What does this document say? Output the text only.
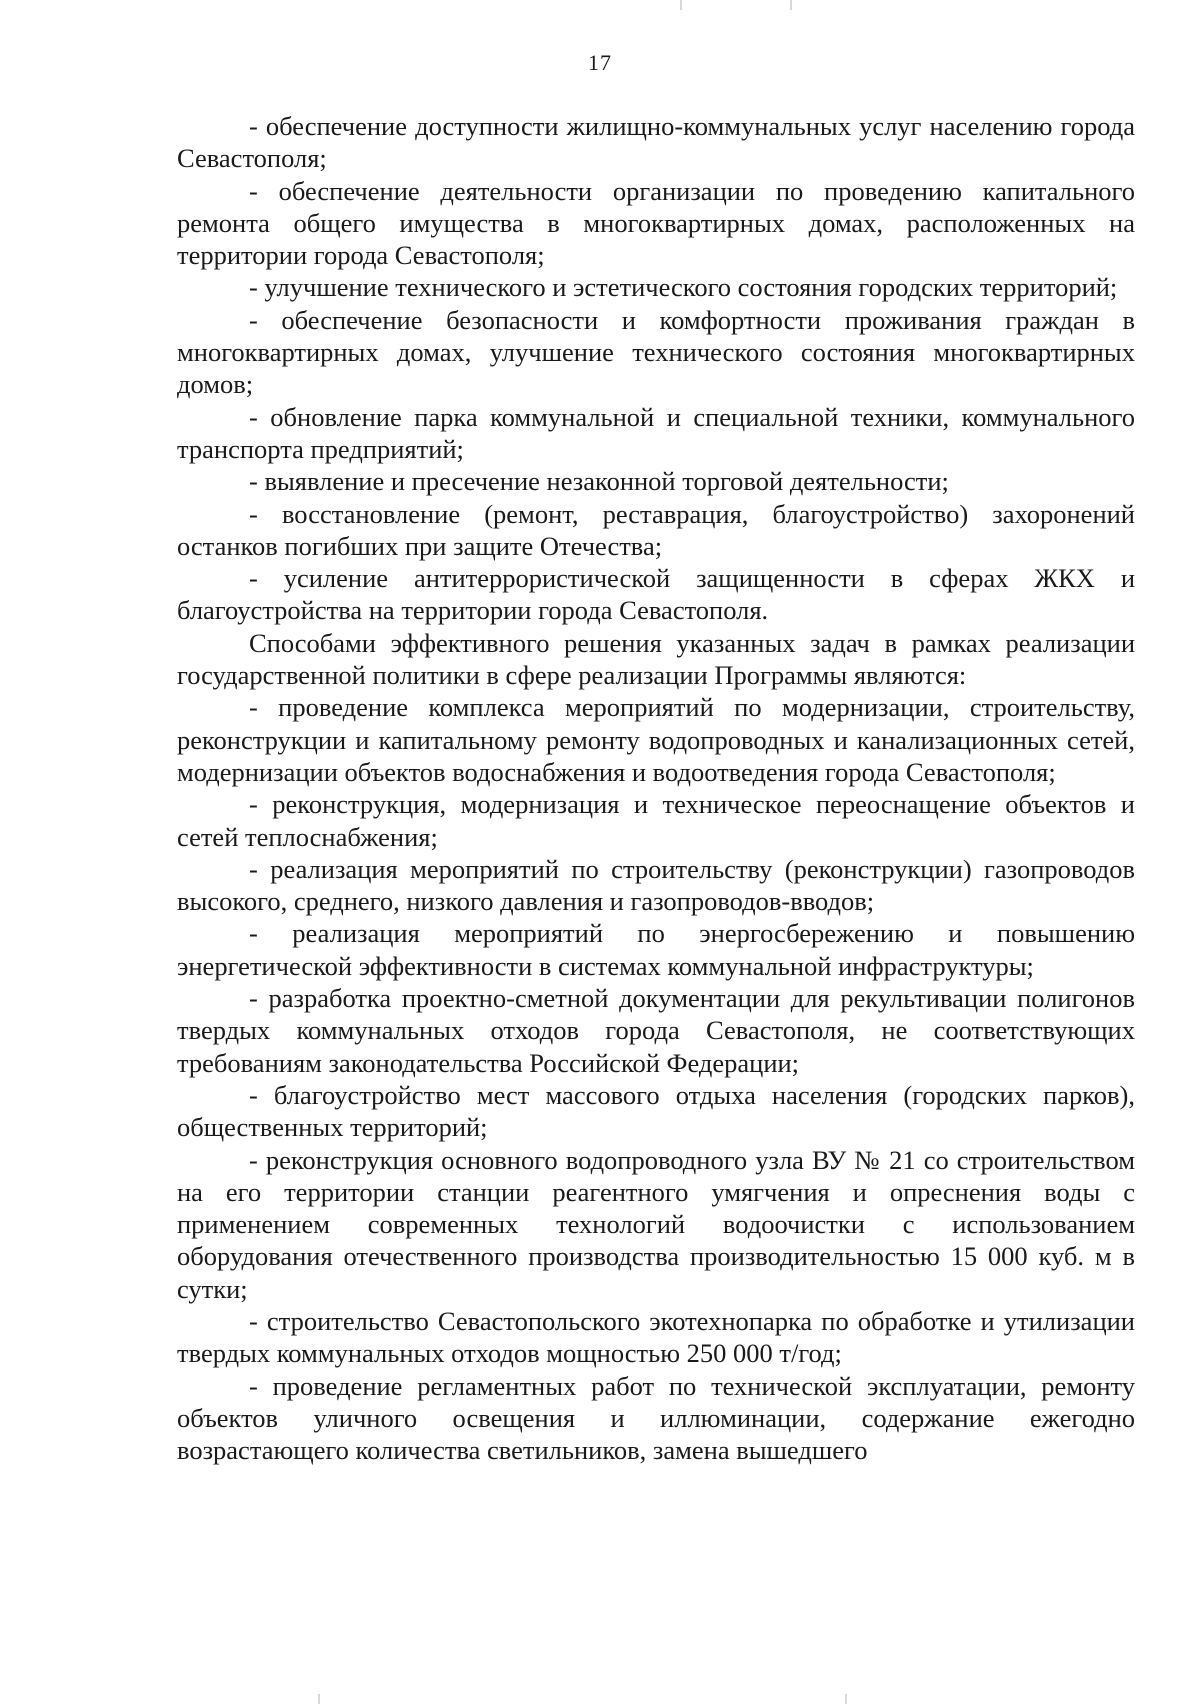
17

- обеспечение доступности жилищно-коммунальных услуг населению города Севастополя;

- обеспечение деятельности организации по проведению капитального ремонта общего имущества в многоквартирных домах, расположенных на территории города Севастополя;

- улучшение технического и эстетического состояния городских территорий;

- обеспечение безопасности и комфортности проживания граждан в многоквартирных домах, улучшение технического состояния многоквартирных домов;

- обновление парка коммунальной и специальной техники, коммунального транспорта предприятий;

- выявление и пресечение незаконной торговой деятельности;

- восстановление (ремонт, реставрация, благоустройство) захоронений останков погибших при защите Отечества;

- усиление антитеррористической защищенности в сферах ЖКХ и благоустройства на территории города Севастополя.

Способами эффективного решения указанных задач в рамках реализации государственной политики в сфере реализации Программы являются:

- проведение комплекса мероприятий по модернизации, строительству, реконструкции и капитальному ремонту водопроводных и канализационных сетей, модернизации объектов водоснабжения и водоотведения города Севастополя;

- реконструкция, модернизация и техническое переоснащение объектов и сетей теплоснабжения;

- реализация мероприятий по строительству (реконструкции) газопроводов высокого, среднего, низкого давления и газопроводов-вводов;

- реализация мероприятий по энергосбережению и повышению энергетической эффективности в системах коммунальной инфраструктуры;

- разработка проектно-сметной документации для рекультивации полигонов твердых коммунальных отходов города Севастополя, не соответствующих требованиям законодательства Российской Федерации;

- благоустройство мест массового отдыха населения (городских парков), общественных территорий;

- реконструкция основного водопроводного узла ВУ № 21 со строительством на его территории станции реагентного умягчения и опреснения воды с применением современных технологий водоочистки с использованием оборудования отечественного производства производительностью 15 000 куб. м в сутки;

- строительство Севастопольского экотехнопарка по обработке и утилизации твердых коммунальных отходов мощностью 250 000 т/год;

- проведение регламентных работ по технической эксплуатации, ремонту объектов уличного освещения и иллюминации, содержание ежегодно возрастающего количества светильников, замена вышедшего
